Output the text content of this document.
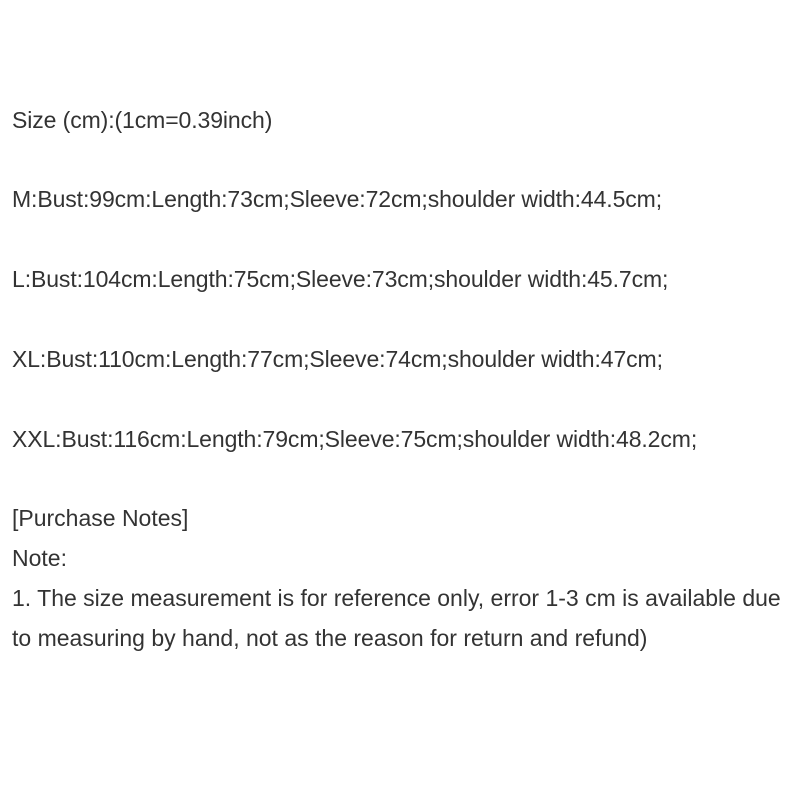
Size (cm):(1cm=0.39inch)
M:Bust:99cm:Length:73cm;Sleeve:72cm;shoulder width:44.5cm;
L:Bust:104cm:Length:75cm;Sleeve:73cm;shoulder width:45.7cm;
XL:Bust:110cm:Length:77cm;Sleeve:74cm;shoulder width:47cm;
XXL:Bust:116cm:Length:79cm;Sleeve:75cm;shoulder width:48.2cm;

[Purchase Notes]

Note:

1. The size measurement is for reference only, error 1-3 cm is available due to measuring by hand, not as the reason for return and refund)
